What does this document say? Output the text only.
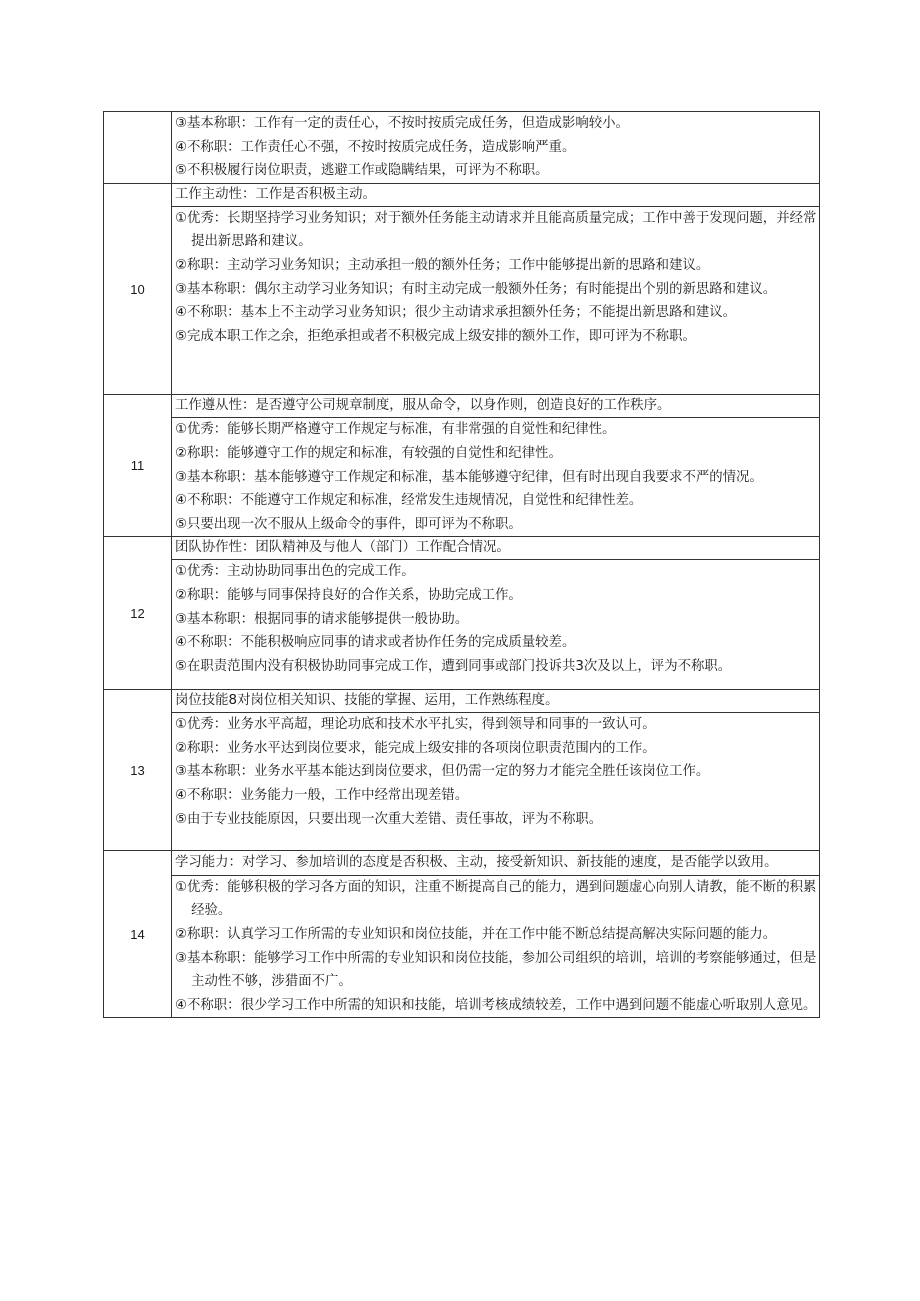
	③基本称职：工作有一定的责任心，不按时按质完成任务，但造成影响较小。
④不称职：工作责任心不强，不按时按质完成任务，造成影响严重。
⑤不积极履行岗位职责，逃避工作或隐瞒结果，可评为不称职。

10	工作主动性：工作是否积极主动。

	①优秀：长期坚持学习业务知识；对于额外任务能主动请求并且能高质量完成；工作中善于发现问题，并经常提出新思路和建议。
②称职：主动学习业务知识；主动承担一般的额外任务；工作中能够提出新的思路和建议。
③基本称职：偶尔主动学习业务知识；有时主动完成一般额外任务；有时能提出个别的新思路和建议。
④不称职：基本上不主动学习业务知识；很少主动请求承担额外任务；不能提出新思路和建议。
⑤完成本职工作之余，拒绝承担或者不积极完成上级安排的额外工作，即可评为不称职。

11	工作遵从性：是否遵守公司规章制度，服从命令，以身作则，创造良好的工作秩序。

	①优秀：能够长期严格遵守工作规定与标准，有非常强的自觉性和纪律性。
②称职：能够遵守工作的规定和标准，有较强的自觉性和纪律性。
③基本称职：基本能够遵守工作规定和标准，基本能够遵守纪律，但有时出现自我要求不严的情况。
④不称职：不能遵守工作规定和标准，经常发生违规情况，自觉性和纪律性差。
⑤只要出现一次不服从上级命令的事件，即可评为不称职。

12	团队协作性：团队精神及与他人（部门）工作配合情况。

	①优秀：主动协助同事出色的完成工作。
②称职：能够与同事保持良好的合作关系，协助完成工作。
③基本称职：根据同事的请求能够提供一般协助。
④不称职：不能积极响应同事的请求或者协作任务的完成质量较差。
⑤在职责范围内没有积极协助同事完成工作，遭到同事或部门投诉共3次及以上，评为不称职。

13	岗位技能8对岗位相关知识、技能的掌握、运用，工作熟练程度。

	①优秀：业务水平高超，理论功底和技术水平扎实，得到领导和同事的一致认可。
②称职：业务水平达到岗位要求，能完成上级安排的各项岗位职责范围内的工作。
③基本称职：业务水平基本能达到岗位要求，但仍需一定的努力才能完全胜任该岗位工作。
④不称职：业务能力一般，工作中经常出现差错。
⑤由于专业技能原因，只要出现一次重大差错、责任事故，评为不称职。

14	学习能力：对学习、参加培训的态度是否积极、主动，接受新知识、新技能的速度，是否能学以致用。

	①优秀：能够积极的学习各方面的知识，注重不断提高自己的能力，遇到问题虚心向别人请教，能不断的积累经验。
②称职：认真学习工作所需的专业知识和岗位技能，并在工作中能不断总结提高解决实际问题的能力。
③基本称职：能够学习工作中所需的专业知识和岗位技能，参加公司组织的培训，培训的考察能够通过，但是主动性不够，涉猎面不广。
④不称职：很少学习工作中所需的知识和技能，培训考核成绩较差，工作中遇到问题不能虚心听取别人意见。
